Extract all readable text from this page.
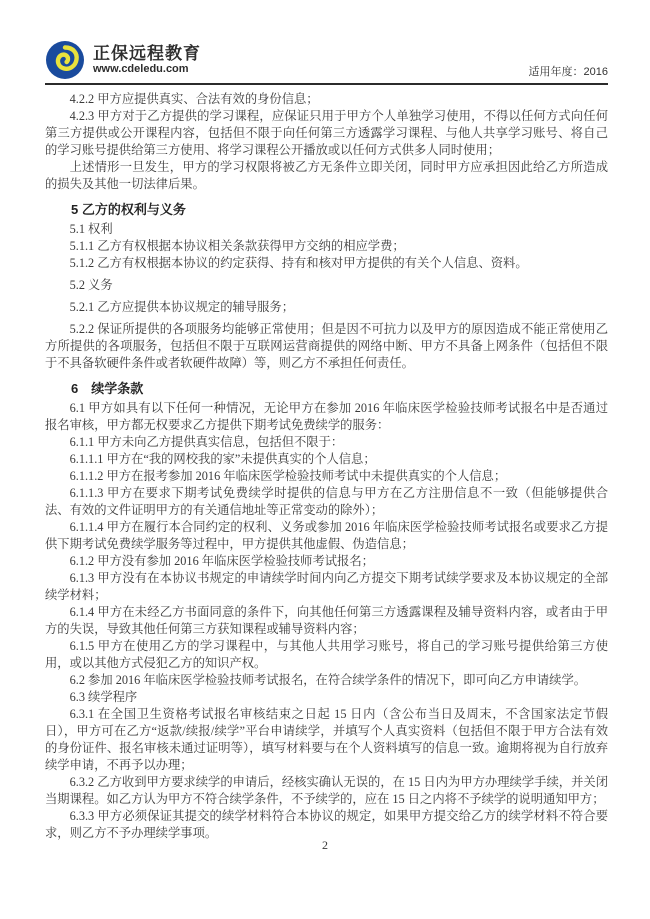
正保远程教育
www.cdeledu.com	适用年度：2016

4.2.2 甲方应提供真实、合法有效的身份信息；

4.2.3 甲方对于乙方提供的学习课程，应保证只用于甲方个人单独学习使用，不得以任何方式向任何第三方提供或公开课程内容，包括但不限于向任何第三方透露学习课程、与他人共享学习账号、将自己的学习账号提供给第三方使用、将学习课程公开播放或以任何方式供多人同时使用；

上述情形一旦发生，甲方的学习权限将被乙方无条件立即关闭，同时甲方应承担因此给乙方所造成的损失及其他一切法律后果。

5 乙方的权利与义务

5.1 权利

5.1.1 乙方有权根据本协议相关条款获得甲方交纳的相应学费；

5.1.2 乙方有权根据本协议的约定获得、持有和核对甲方提供的有关个人信息、资料。

5.2 义务

5.2.1 乙方应提供本协议规定的辅导服务；

5.2.2 保证所提供的各项服务均能够正常使用；但是因不可抗力以及甲方的原因造成不能正常使用乙方所提供的各项服务，包括但不限于互联网运营商提供的网络中断、甲方不具备上网条件（包括但不限于不具备软硬件条件或者软硬件故障）等，则乙方不承担任何责任。

6　续学条款

6.1 甲方如具有以下任何一种情况，无论甲方在参加 2016 年临床医学检验技师考试报名中是否通过报名审核，甲方都无权要求乙方提供下期考试免费续学的服务：

6.1.1 甲方未向乙方提供真实信息，包括但不限于：

6.1.1.1 甲方在“我的网校我的家”未提供真实的个人信息；

6.1.1.2 甲方在报考参加 2016 年临床医学检验技师考试中未提供真实的个人信息；

6.1.1.3 甲方在要求下期考试免费续学时提供的信息与甲方在乙方注册信息不一致（但能够提供合法、有效的文件证明甲方的有关通信地址等正常变动的除外）；

6.1.1.4 甲方在履行本合同约定的权利、义务或参加 2016 年临床医学检验技师考试报名或要求乙方提供下期考试免费续学服务等过程中，甲方提供其他虚假、伪造信息；

6.1.2 甲方没有参加 2016 年临床医学检验技师考试报名；

6.1.3 甲方没有在本协议书规定的申请续学时间内向乙方提交下期考试续学要求及本协议规定的全部续学材料；

6.1.4 甲方在未经乙方书面同意的条件下，向其他任何第三方透露课程及辅导资料内容，或者由于甲方的失误，导致其他任何第三方获知课程或辅导资料内容；

6.1.5 甲方在使用乙方的学习课程中，与其他人共用学习账号，将自己的学习账号提供给第三方使用，或以其他方式侵犯乙方的知识产权。

6.2 参加 2016 年临床医学检验技师考试报名，在符合续学条件的情况下，即可向乙方申请续学。

6.3 续学程序

6.3.1 在全国卫生资格考试报名审核结束之日起 15 日内（含公布当日及周末，不含国家法定节假日），甲方可在乙方“返款/续报/续学”平台申请续学，并填写个人真实资料（包括但不限于甲方合法有效的身份证件、报名审核未通过证明等），填写材料要与在个人资料填写的信息一致。逾期将视为自行放弃续学申请，不再予以办理；

6.3.2 乙方收到甲方要求续学的申请后，经核实确认无误的，在 15 日内为甲方办理续学手续，并关闭当期课程。如乙方认为甲方不符合续学条件，不予续学的，应在 15 日之内将不予续学的说明通知甲方；

6.3.3 甲方必须保证其提交的续学材料符合本协议的规定，如果甲方提交给乙方的续学材料不符合要求，则乙方不予办理续学事项。

2
